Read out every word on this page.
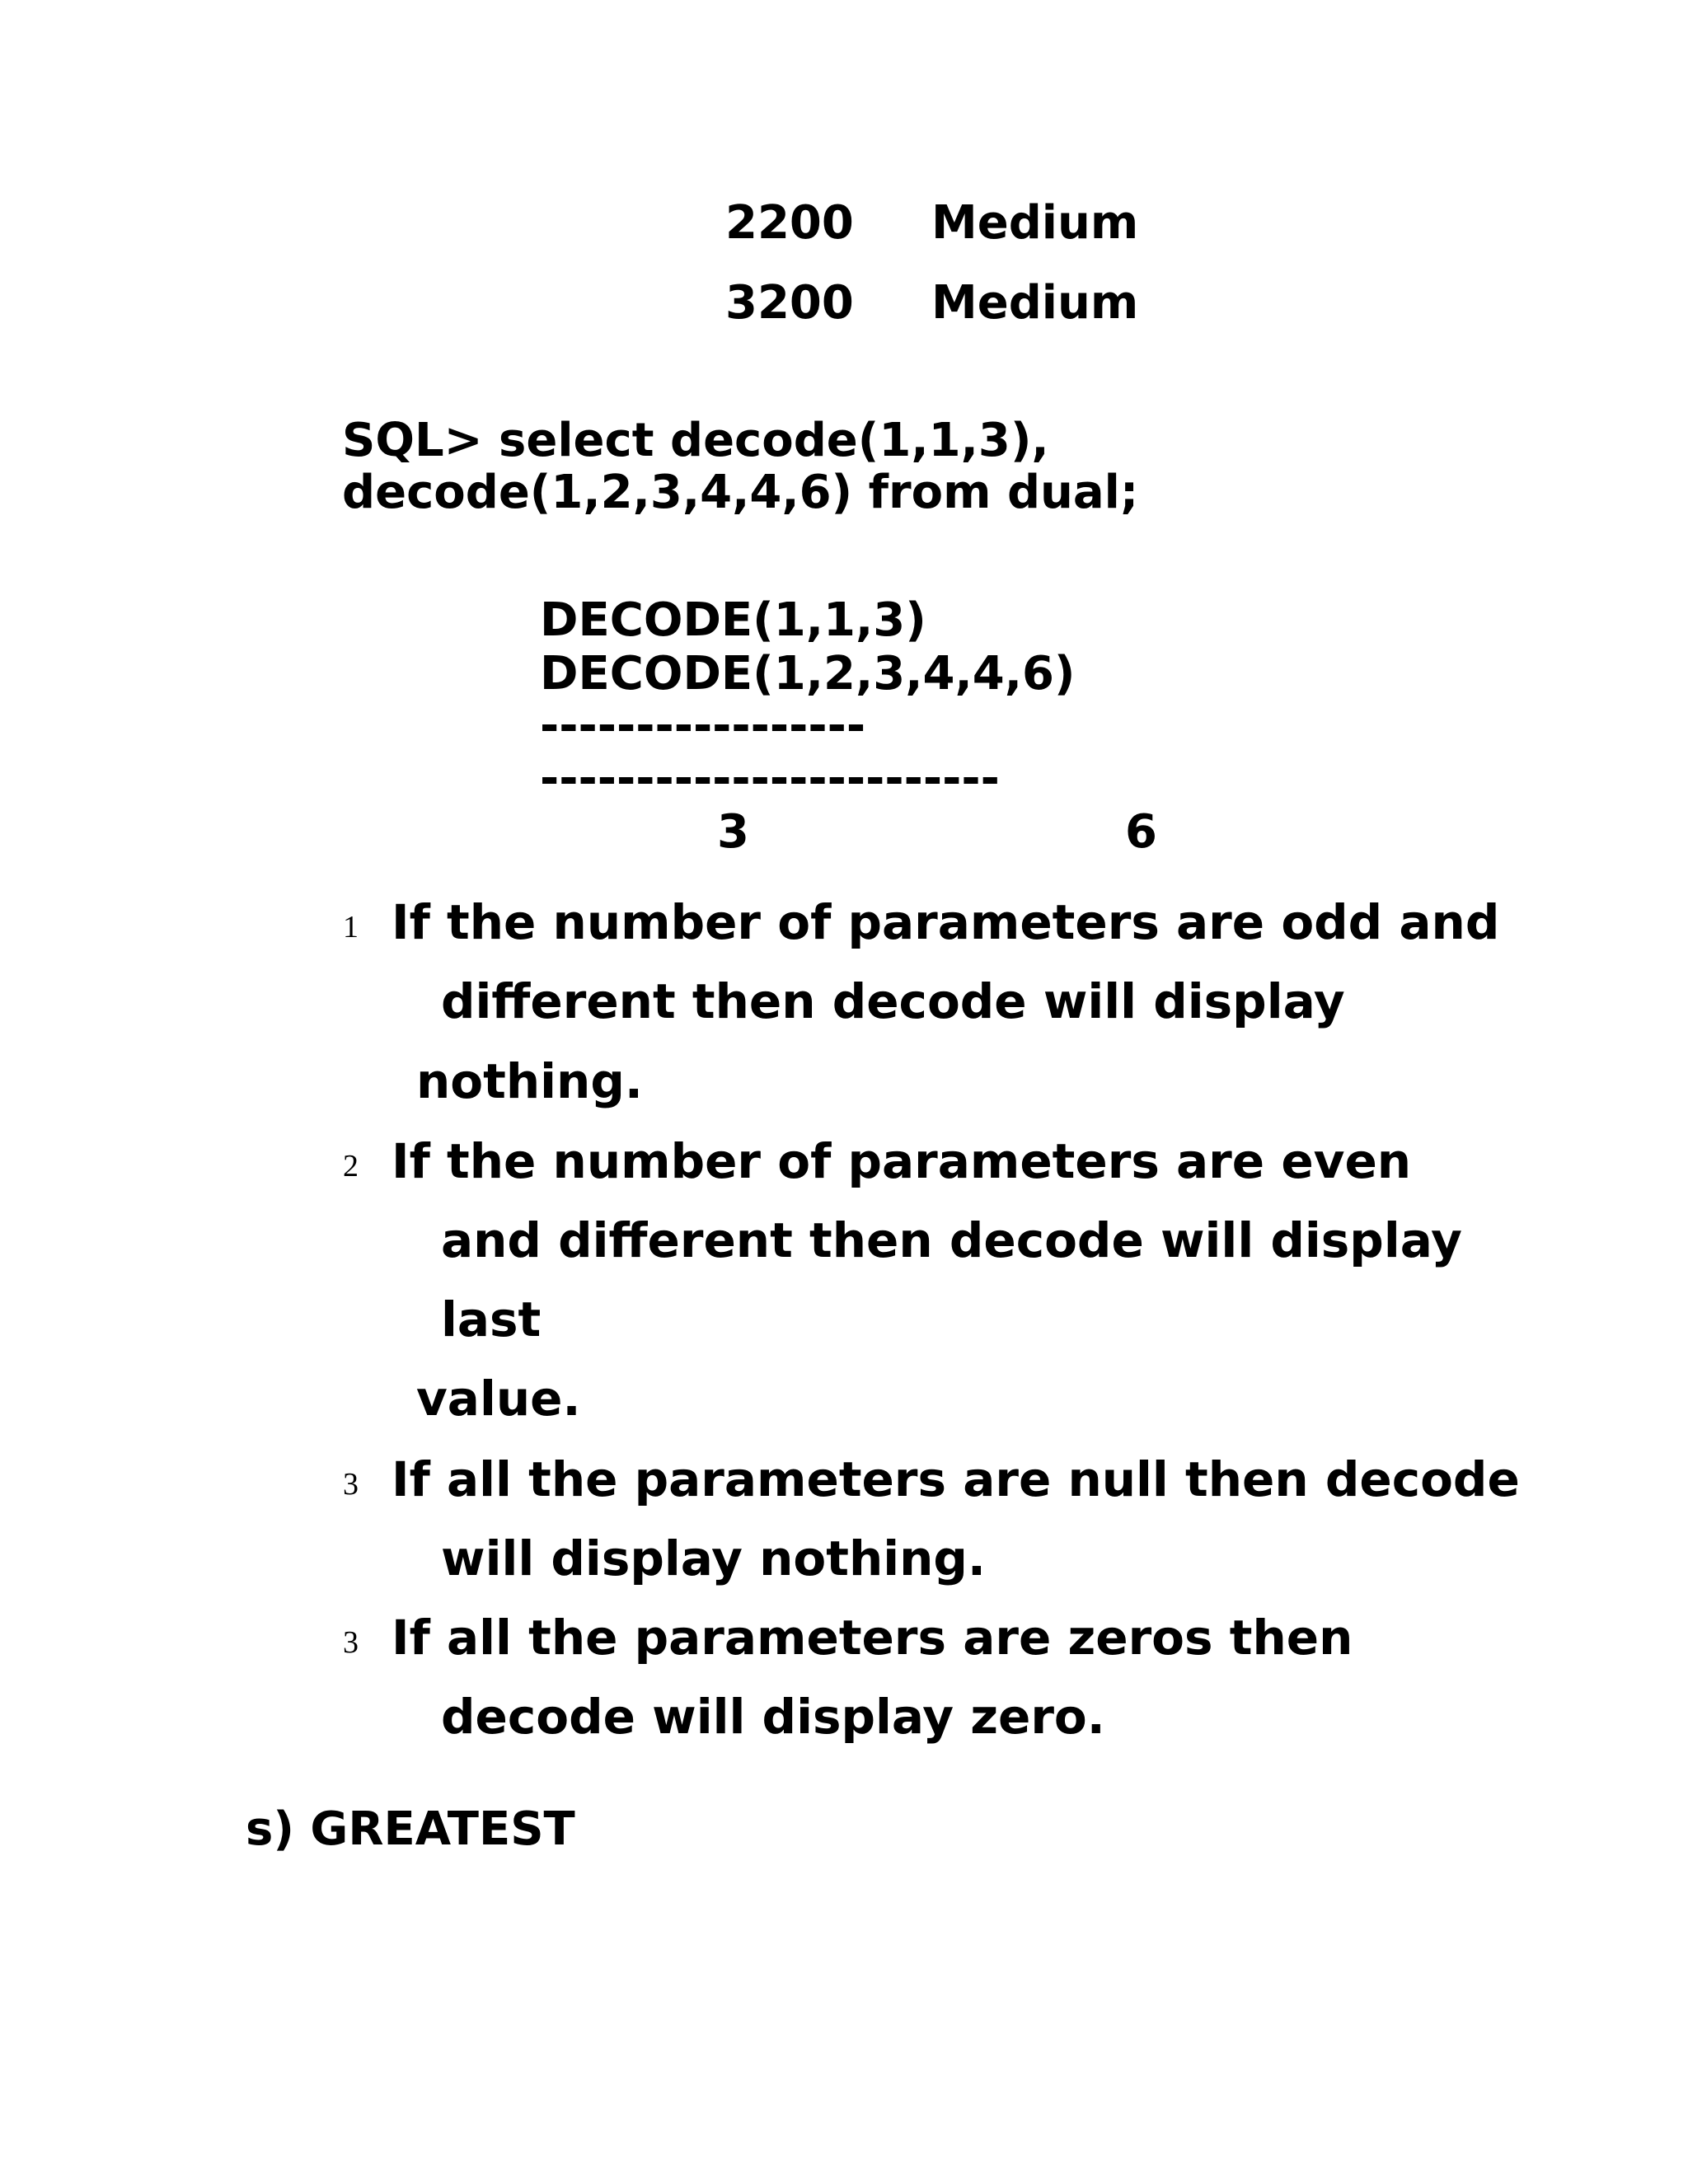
2200 Medium
3200 Medium
SQL> select decode(1,1,3),
decode(1,2,3,4,4,6) from dual;
DECODE(1,1,3)
DECODE(1,2,3,4,4,6)
-----------------
------------------------
3	6
1 If the number of parameters are odd and
different then decode will display
nothing.
2 If the number of parameters are even
and different then decode will display
last
value.
3 If all the parameters are null then decode
will display nothing.
3 If all the parameters are zeros then
decode will display zero.
s) GREATEST
